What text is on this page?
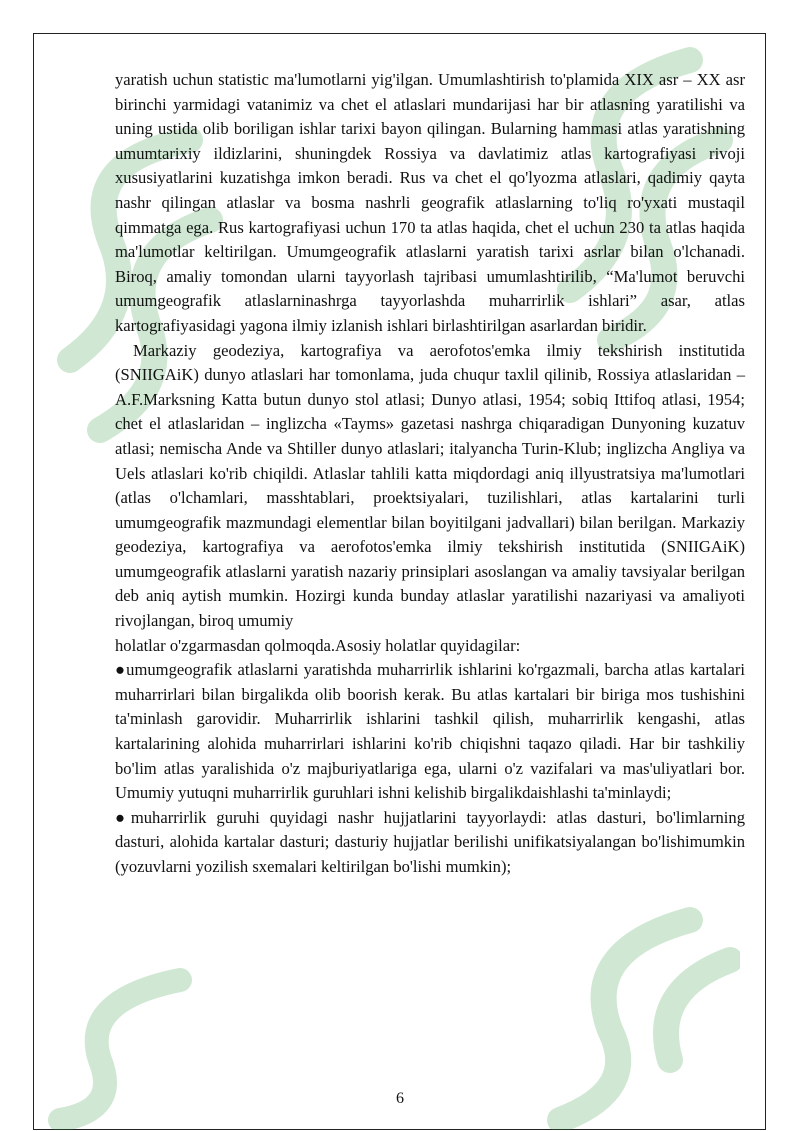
yaratish uchun statistic ma'lumotlarni yig'ilgan. Umumlashtirish to'plamida XIX asr – XX asr birinchi yarmidagi vatanimiz va chet el atlaslari mundarijasi har bir atlasning yaratilishi va uning ustida olib boriligan ishlar tarixi bayon qilingan. Bularning hammasi atlas yaratishning umumtarixiy ildizlarini, shuningdek Rossiya va davlatimiz atlas kartografiyasi rivoji xususiyatlarini kuzatishga imkon beradi. Rus va chet el qo'lyozma atlaslari, qadimiy qayta nashr qilingan atlaslar va bosma nashrli geografik atlaslarning to'liq ro'yxati mustaqil qimmatga ega. Rus kartografiyasi uchun 170 ta atlas haqida, chet el uchun 230 ta atlas haqida ma'lumotlar keltirilgan. Umumgeografik atlaslarni yaratish tarixi asrlar bilan o'lchanadi. Biroq, amaliy tomondan ularni tayyorlash tajribasi umumlashtirilib, “Ma'lumot beruvchi umumgeografik atlaslarninashrga tayyorlashda muharrirlik ishlari” asar, atlas kartografiyasidagi yagona ilmiy izlanish ishlari birlashtirilgan asarlardan biridir.

Markaziy geodeziya, kartografiya va aerofotos'emka ilmiy tekshirish institutida (SNIIGAiK) dunyo atlaslari har tomonlama, juda chuqur taxlil qilinib, Rossiya atlaslaridan – A.F.Marksning Katta butun dunyo stol atlasi; Dunyo atlasi, 1954; sobiq Ittifoq atlasi, 1954; chet el atlaslaridan – inglizcha «Tayms» gazetasi nashrga chiqaradigan Dunyoning kuzatuv atlasi; nemischa Ande va Shtiller dunyo atlaslari; italyancha Turin-Klub; inglizcha Angliya va Uels atlaslari ko'rib chiqildi. Atlaslar tahlili katta miqdordagi aniq illyustratsiya ma'lumotlari (atlas o'lchamlari, masshtablari, proektsiyalari, tuzilishlari, atlas kartalarini turli umumgeografik mazmundagi elementlar bilan boyitilgani jadvallari) bilan berilgan. Markaziy geodeziya, kartografiya va aerofotos'emka ilmiy tekshirish institutida (SNIIGAiK) umumgeografik atlaslarni yaratish nazariy prinsiplari asoslangan va amaliy tavsiyalar berilgan deb aniq aytish mumkin. Hozirgi kunda bunday atlaslar yaratilishi nazariyasi va amaliyoti rivojlangan, biroq umumiy

holatlar o'zgarmasdan qolmoqda.Asosiy holatlar quyidagilar:

●umumgeografik atlaslarni yaratishda muharrirlik ishlarini ko'rgazmali, barcha atlas kartalari muharrirlari bilan birgalikda olib boorish kerak. Bu atlas kartalari bir biriga mos tushishini ta'minlash garovidir. Muharrirlik ishlarini tashkil qilish, muharrirlik kengashi, atlas kartalarining alohida muharrirlari ishlarini ko'rib chiqishni taqazo qiladi. Har bir tashkiliy bo'lim atlas yaralishida o'z majburiyatlariga ega, ularni o'z vazifalari va mas'uliyatlari bor. Umumiy yutuqni muharrirlik guruhlari ishni kelishib birgalikdaishlashi ta'minlaydi;

●muharrirlik guruhi quyidagi nashr hujjatlarini tayyorlaydi: atlas dasturi, bo'limlarning dasturi, alohida kartalar dasturi; dasturiy hujjatlar berilishi unifikatsiyalangan bo'lishimumkin (yozuvlarni yozilish sxemalari keltirilgan bo'lishi mumkin);

6
